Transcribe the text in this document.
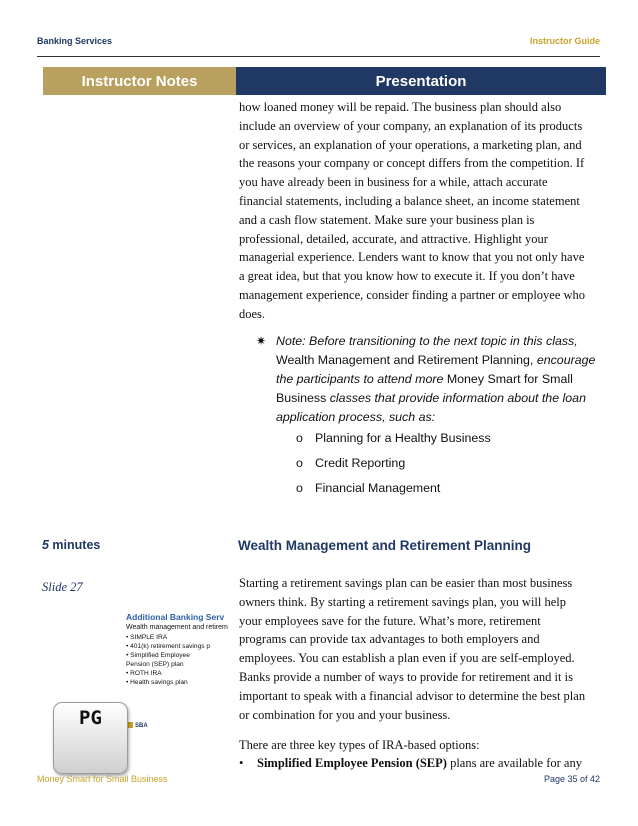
Banking Services	Instructor Guide
Instructor Notes	Presentation
how loaned money will be repaid. The business plan should also
include an overview of your company, an explanation of its products
or services, an explanation of your operations, a marketing plan, and
the reasons your company or concept differs from the competition. If
you have already been in business for a while, attach accurate
financial statements, including a balance sheet, an income statement
and a cash flow statement. Make sure your business plan is
professional, detailed, accurate, and attractive. Highlight your
managerial experience. Lenders want to know that you not only have
a great idea, but that you know how to execute it. If you don’t have
management experience, consider finding a partner or employee who
does.
✷ Note: Before transitioning to the next topic in this class, Wealth Management and Retirement Planning, encourage the participants to attend more Money Smart for Small Business classes that provide information about the loan application process, such as:
o Planning for a Healthy Business
o Credit Reporting
o Financial Management
5 minutes	Wealth Management and Retirement Planning
Slide 27
Additional Banking Serv
Wealth management and retirem
• SIMPLE IRA
• 401(k) retirement savings p
• Simplified Employee
Pension (SEP) plan
• ROTH IRA
• Health savings plan
SBA
Starting a retirement savings plan can be easier than most business
owners think. By starting a retirement savings plan, you will help
your employees save for the future. What’s more, retirement
programs can provide tax advantages to both employers and
employees. You can establish a plan even if you are self-employed.
Banks provide a number of ways to provide for retirement and it is
important to speak with a financial advisor to determine the best plan
or combination for you and your business.
PG
There are three key types of IRA-based options:
• Simplified Employee Pension (SEP) plans are available for any
Money Smart for Small Business	Page 35 of 42
